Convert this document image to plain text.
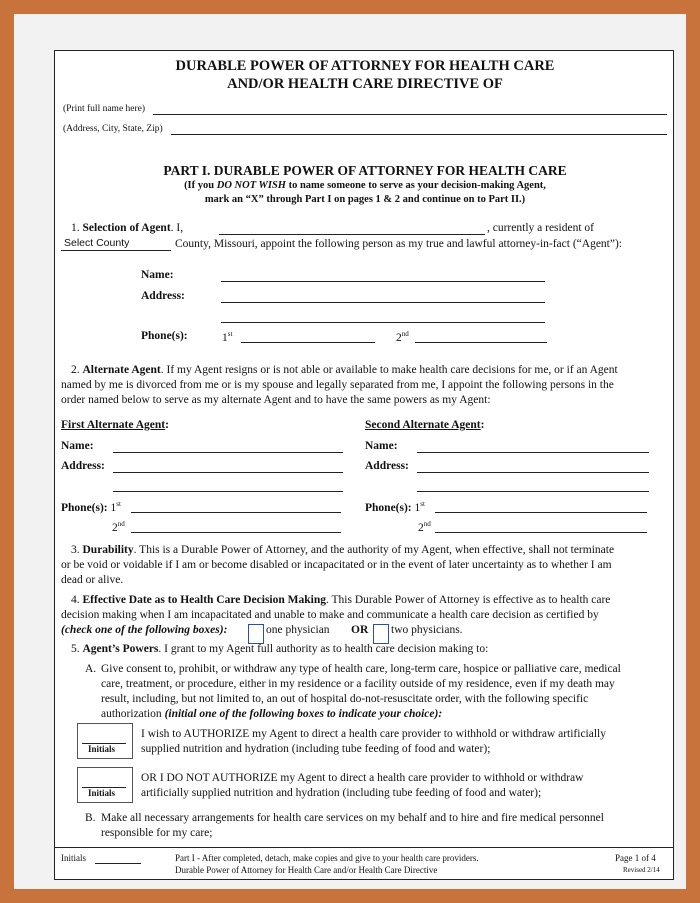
DURABLE POWER OF ATTORNEY FOR HEALTH CARE
AND/OR HEALTH CARE DIRECTIVE OF
(Print full name here)
(Address, City, State, Zip)
PART I. DURABLE POWER OF ATTORNEY FOR HEALTH CARE
(If you DO NOT WISH to name someone to serve as your decision-making Agent,
mark an “X” through Part I on pages 1 & 2 and continue on to Part II.)
1. Selection of Agent. I,	, currently a resident of
Select County	County, Missouri, appoint the following person as my true and lawful attorney-in-fact (“Agent”):
Name:
Address:
Phone(s):	1st	2nd
2. Alternate Agent. If my Agent resigns or is not able or available to make health care decisions for me, or if an Agent
named by me is divorced from me or is my spouse and legally separated from me, I appoint the following persons in the
order named below to serve as my alternate Agent and to have the same powers as my Agent:
First Alternate Agent:	Second Alternate Agent:
Name:	Name:
Address:	Address:
Phone(s): 1st
2nd
Phone(s): 1st
2nd
3. Durability. This is a Durable Power of Attorney, and the authority of my Agent, when effective, shall not terminate
or be void or voidable if I am or become disabled or incapacitated or in the event of later uncertainty as to whether I am
dead or alive.
4. Effective Date as to Health Care Decision Making. This Durable Power of Attorney is effective as to health care
decision making when I am incapacitated and unable to make and communicate a health care decision as certified by
(check one of the following boxes):	one physician OR two physicians.
5. Agent’s Powers. I grant to my Agent full authority as to health care decision making to:
A. Give consent to, prohibit, or withdraw any type of health care, long-term care, hospice or palliative care, medical
care, treatment, or procedure, either in my residence or a facility outside of my residence, even if my death may
result, including, but not limited to, an out of hospital do-not-resuscitate order, with the following specific
authorization (initial one of the following boxes to indicate your choice):
Initials
I wish to AUTHORIZE my Agent to direct a health care provider to withhold or withdraw artificially
supplied nutrition and hydration (including tube feeding of food and water);
Initials
OR I DO NOT AUTHORIZE my Agent to direct a health care provider to withhold or withdraw
artificially supplied nutrition and hydration (including tube feeding of food and water);
B. Make all necessary arrangements for health care services on my behalf and to hire and fire medical personnel
responsible for my care;
Initials	Part I - After completed, detach, make copies and give to your health care providers.
Durable Power of Attorney for Health Care and/or Health Care Directive
Page 1 of 4
Revised 2/14
